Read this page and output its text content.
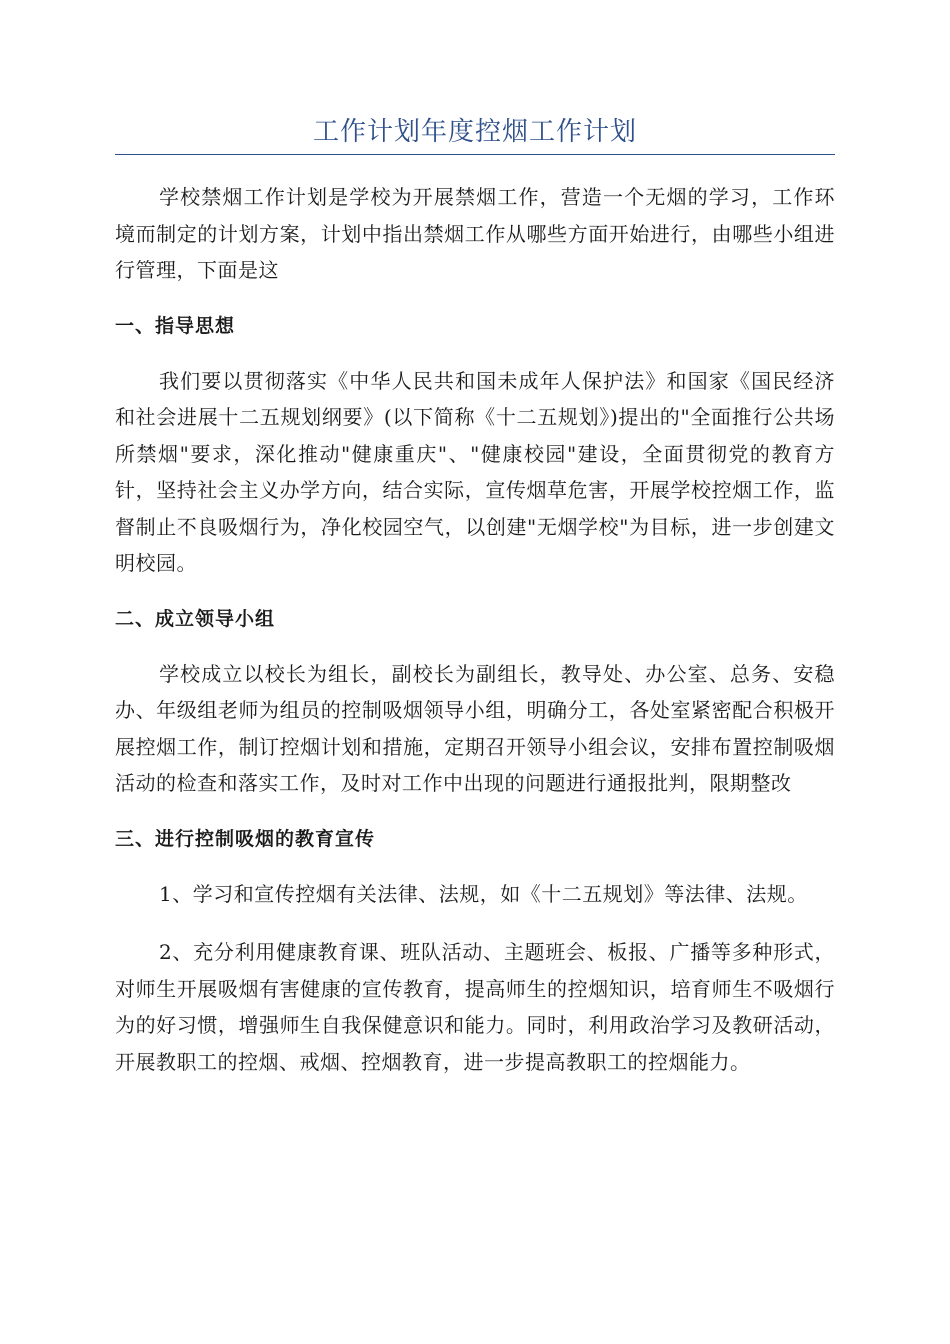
工作计划年度控烟工作计划

学校禁烟工作计划是学校为开展禁烟工作，营造一个无烟的学习，工作环境而制定的计划方案，计划中指出禁烟工作从哪些方面开始进行，由哪些小组进行管理，下面是这

一、指导思想

我们要以贯彻落实《中华人民共和国未成年人保护法》和国家《国民经济和社会进展十二五规划纲要》(以下简称《十二五规划》)提出的"全面推行公共场所禁烟"要求，深化推动"健康重庆"、"健康校园"建设，全面贯彻党的教育方针，坚持社会主义办学方向，结合实际，宣传烟草危害，开展学校控烟工作，监督制止不良吸烟行为，净化校园空气，以创建"无烟学校"为目标，进一步创建文明校园。

二、成立领导小组

学校成立以校长为组长，副校长为副组长，教导处、办公室、总务、安稳办、年级组老师为组员的控制吸烟领导小组，明确分工，各处室紧密配合积极开展控烟工作，制订控烟计划和措施，定期召开领导小组会议，安排布置控制吸烟活动的检查和落实工作，及时对工作中出现的问题进行通报批判，限期整改

三、进行控制吸烟的教育宣传

1、学习和宣传控烟有关法律、法规，如《十二五规划》等法律、法规。

2、充分利用健康教育课、班队活动、主题班会、板报、广播等多种形式，对师生开展吸烟有害健康的宣传教育，提高师生的控烟知识，培育师生不吸烟行为的好习惯，增强师生自我保健意识和能力。同时，利用政治学习及教研活动，开展教职工的控烟、戒烟、控烟教育，进一步提高教职工的控烟能力。
